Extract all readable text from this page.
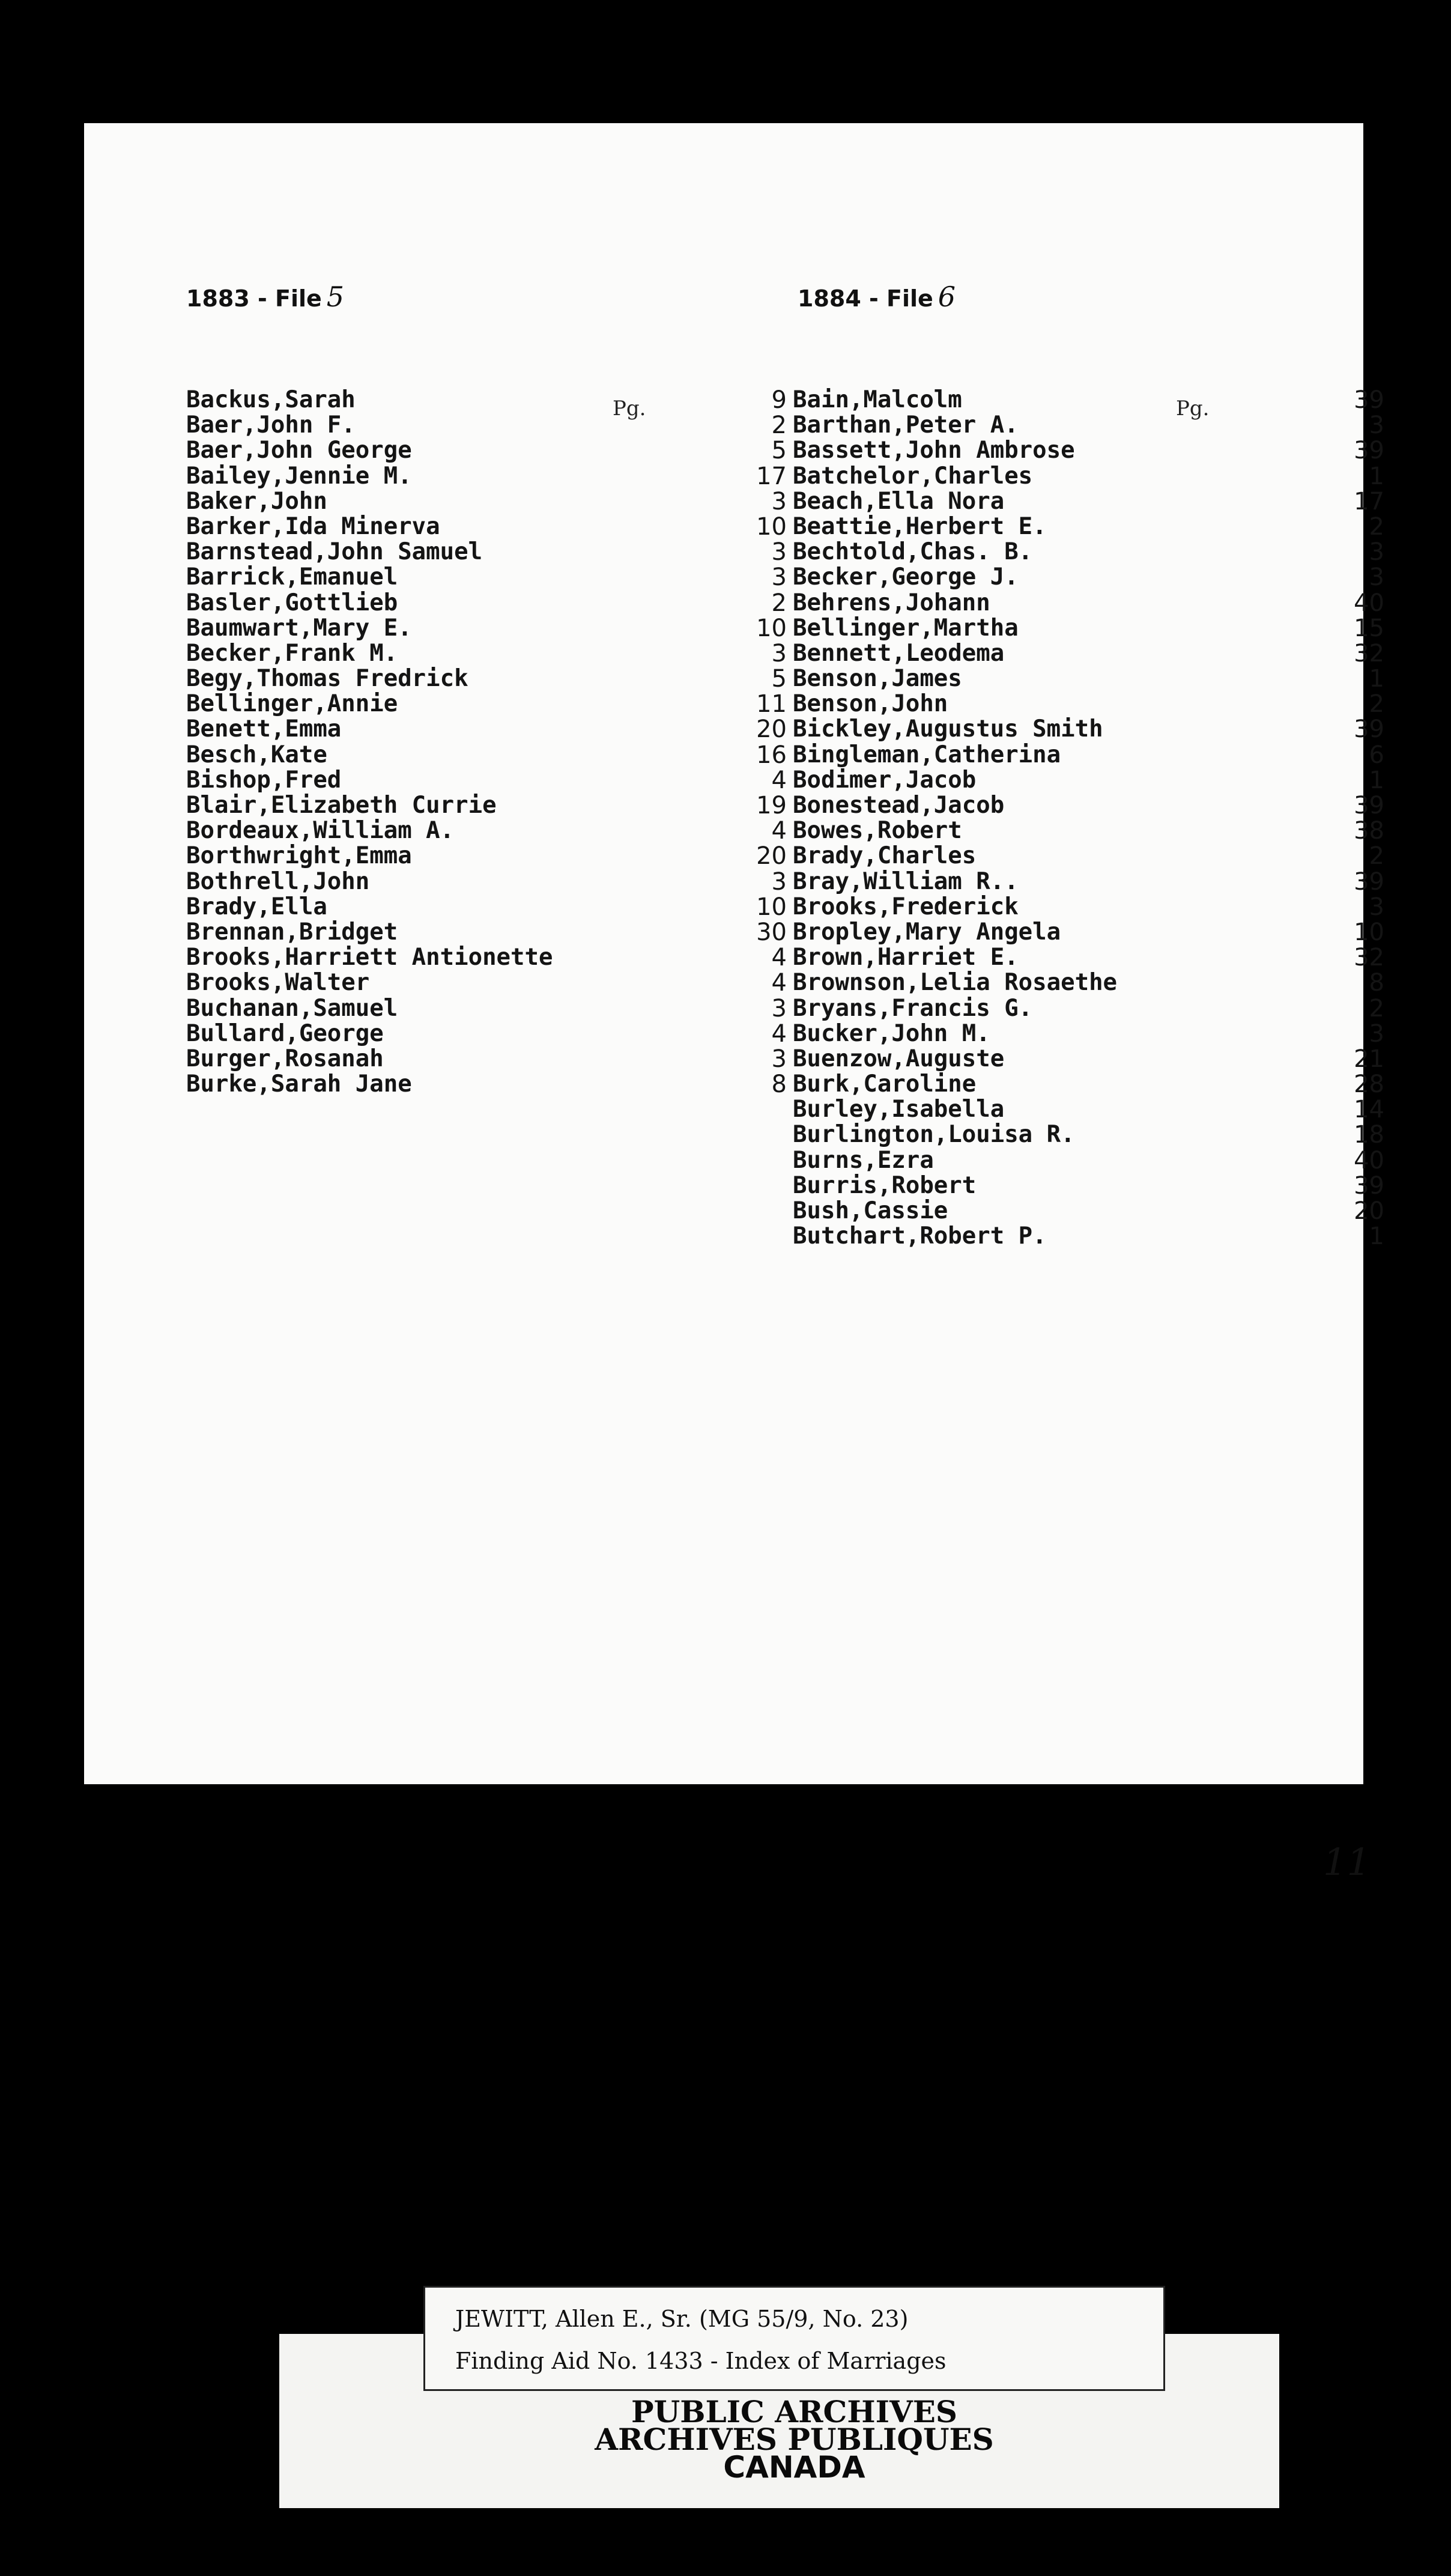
1883 - File 5
Pg.
Backus,Sarah	9
Baer,John F.	2
Baer,John George	5
Bailey,Jennie M.	17
Baker,John	3
Barker,Ida Minerva	10
Barnstead,John Samuel	3
Barrick,Emanuel	3
Basler,Gottlieb	2
Baumwart,Mary E.	10
Becker,Frank M.	3
Begy,Thomas Fredrick	5
Bellinger,Annie	11
Benett,Emma	20
Besch,Kate	16
Bishop,Fred	4
Blair,Elizabeth Currie	19
Bordeaux,William A.	4
Borthwright,Emma	20
Bothrell,John	3
Brady,Ella	10
Brennan,Bridget	30
Brooks,Harriett Antionette	4
Brooks,Walter	4
Buchanan,Samuel	3
Bullard,George	4
Burger,Rosanah	3
Burke,Sarah Jane	8
1884 - File 6
Pg.
Bain,Malcolm	39
Barthan,Peter A.	3
Bassett,John Ambrose	39
Batchelor,Charles	1
Beach,Ella Nora	17
Beattie,Herbert E.	2
Bechtold,Chas. B.	3
Becker,George J.	3
Behrens,Johann	40
Bellinger,Martha	15
Bennett,Leodema	32
Benson,James	1
Benson,John	2
Bickley,Augustus Smith	39
Bingleman,Catherina	6
Bodimer,Jacob	1
Bonestead,Jacob	39
Bowes,Robert	38
Brady,Charles	2
Bray,William R..	39
Brooks,Frederick	3
Bropley,Mary Angela	10
Brown,Harriet E.	32
Brownson,Lelia Rosaethe	8
Bryans,Francis G.	2
Bucker,John M.	3
Buenzow,Auguste	21
Burk,Caroline	28
Burley,Isabella	14
Burlington,Louisa R.	18
Burns,Ezra	40
Burris,Robert	39
Bush,Cassie	20
Butchart,Robert P.	1
11
JEWITT, Allen E., Sr. (MG 55/9, No. 23)
Finding Aid No. 1433 - Index of Marriages
PUBLIC ARCHIVES
ARCHIVES PUBLIQUES
CANADA
